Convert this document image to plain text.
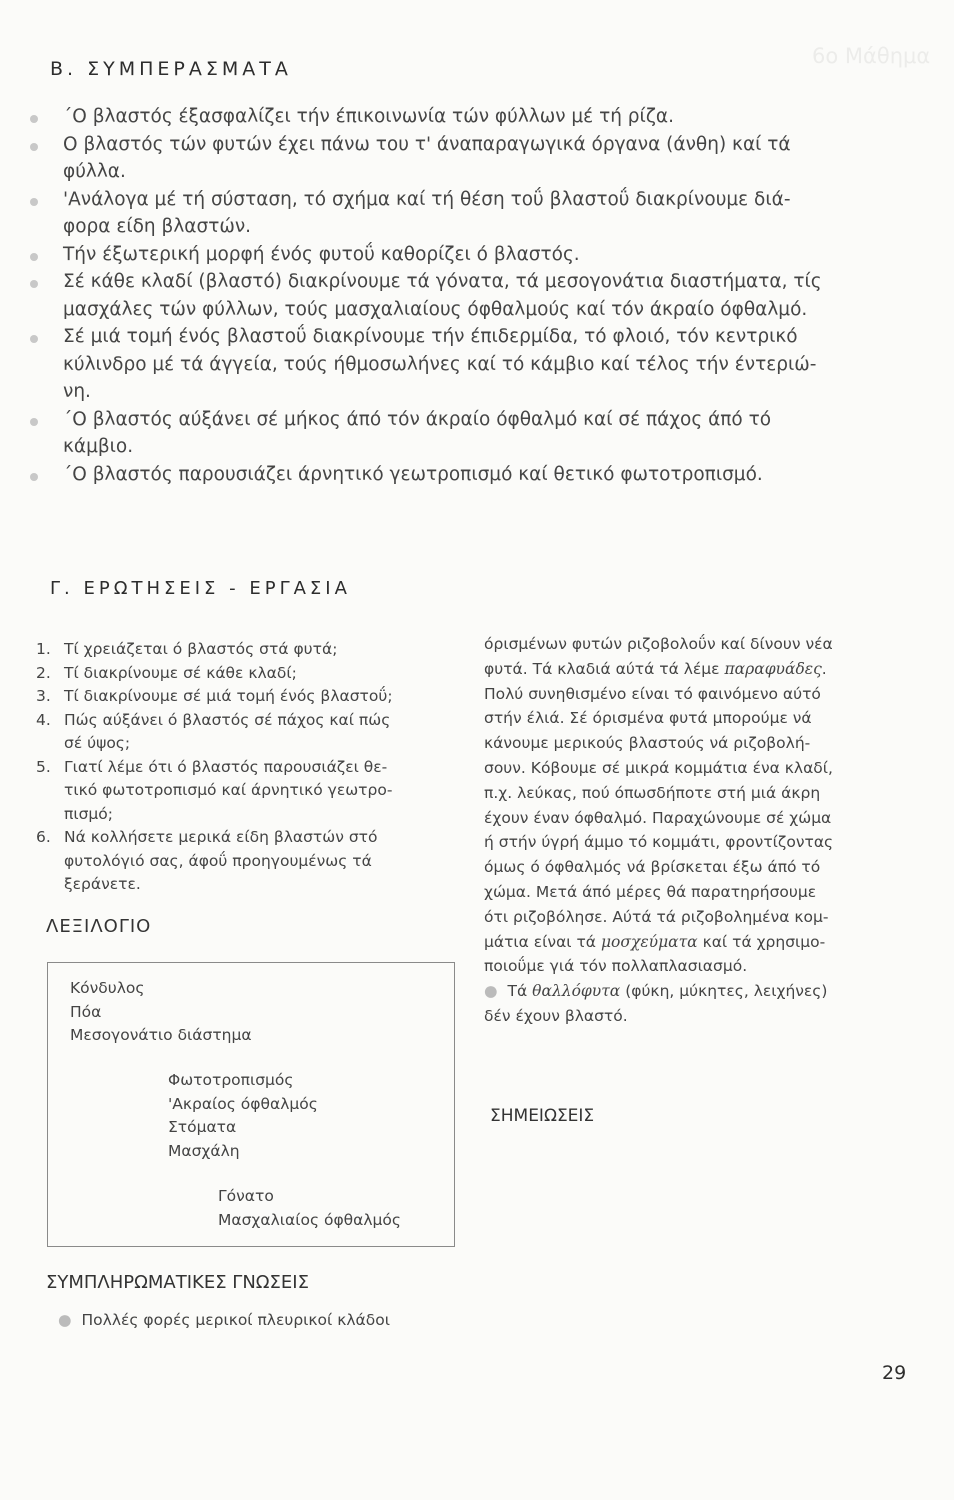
6ο Μάθημα
Β. ΣΥΜΠΕΡΑΣΜΑΤΑ
΄Ο βλαστός έξασφαλίζει τήν έπικοινωνία τών φύλλων μέ τή ρίζα.
Ο βλαστός τών φυτών έχει πάνω του τ' άναπαραγωγικά όργανα (άνθη) καί τά
φύλλα.
'Ανάλογα μέ τή σύσταση, τό σχήμα καί τή θέση τοΰ βλαστοΰ διακρίνουμε διά-
φορα είδη βλαστών.
Τήν έξωτερική μορφή ένός φυτοΰ καθορίζει ό βλαστός.
Σέ κάθε κλαδί (βλαστό) διακρίνουμε τά γόνατα, τά μεσογονάτια διαστήματα, τίς
μασχάλες τών φύλλων, τούς μασχαλιαίους όφθαλμούς καί τόν άκραίο όφθαλμό.
Σέ μιά τομή ένός βλαστοΰ διακρίνουμε τήν έπιδερμίδα, τό φλοιό, τόν κεντρικό
κύλινδρο μέ τά άγγεία, τούς ήθμοσωλήνες καί τό κάμβιο καί τέλος τήν έντεριώ-
νη.
΄Ο βλαστός αύξάνει σέ μήκος άπό τόν άκραίο όφθαλμό καί σέ πάχος άπό τό
κάμβιο.
΄Ο βλαστός παρουσιάζει άρνητικό γεωτροπισμό καί θετικό φωτοτροπισμό.
Γ. ΕΡΩΤΗΣΕΙΣ - ΕΡΓΑΣΙΑ
1. Τί χρειάζεται ό βλαστός στά φυτά;
2. Τί διακρίνουμε σέ κάθε κλαδί;
3. Τί διακρίνουμε σέ μιά τομή ένός βλαστοΰ;
4. Πώς αύξάνει ό βλαστός σέ πάχος καί πώς
σέ ύψος;
5. Γιατί λέμε ότι ό βλαστός παρουσιάζει θε-
τικό φωτοτροπισμό καί άρνητικό γεωτρο-
πισμό;
6. Νά κολλήσετε μερικά είδη βλαστών στό
φυτολόγιό σας, άφοΰ προηγουμένως τά
ξεράνετε.
ΛΕΞΙΛΟΓΙΟ
Κόνδυλος
Πόα
Μεσογονάτιο διάστημα
Φωτοτροπισμός
'Ακραίος όφθαλμός
Στόματα
Μασχάλη
Γόνατο
Μασχαλιαίος όφθαλμός
ΣΥΜΠΛΗΡΩΜΑΤΙΚΕΣ ΓΝΩΣΕΙΣ
● Πολλές φορές μερικοί πλευρικοί κλάδοι
όρισμένων φυτών ριζοβολοΰν καί δίνουν νέα
φυτά. Τά κλαδιά αύτά τά λέμε παραφυάδες.
Πολύ συνηθισμένο είναι τό φαινόμενο αύτό
στήν έλιά. Σέ όρισμένα φυτά μπορούμε νά
κάνουμε μερικούς βλαστούς νά ριζοβολή-
σουν. Κόβουμε σέ μικρά κομμάτια ένα κλαδί,
π.χ. λεύκας, πού όπωσδήποτε στή μιά άκρη
έχουν έναν όφθαλμό. Παραχώνουμε σέ χώμα
ή στήν ύγρή άμμο τό κομμάτι, φροντίζοντας
όμως ό όφθαλμός νά βρίσκεται έξω άπό τό
χώμα. Μετά άπό μέρες θά παρατηρήσουμε
ότι ριζοβόλησε. Αύτά τά ριζοβολημένα κομ-
μάτια είναι τά μοσχεύματα καί τά χρησιμο-
ποιοΰμε γιά τόν πολλαπλασιασμό.
● Τά θαλλόφυτα (φύκη, μύκητες, λειχήνες)
δέν έχουν βλαστό.
ΣΗΜΕΙΩΣΕΙΣ
29
